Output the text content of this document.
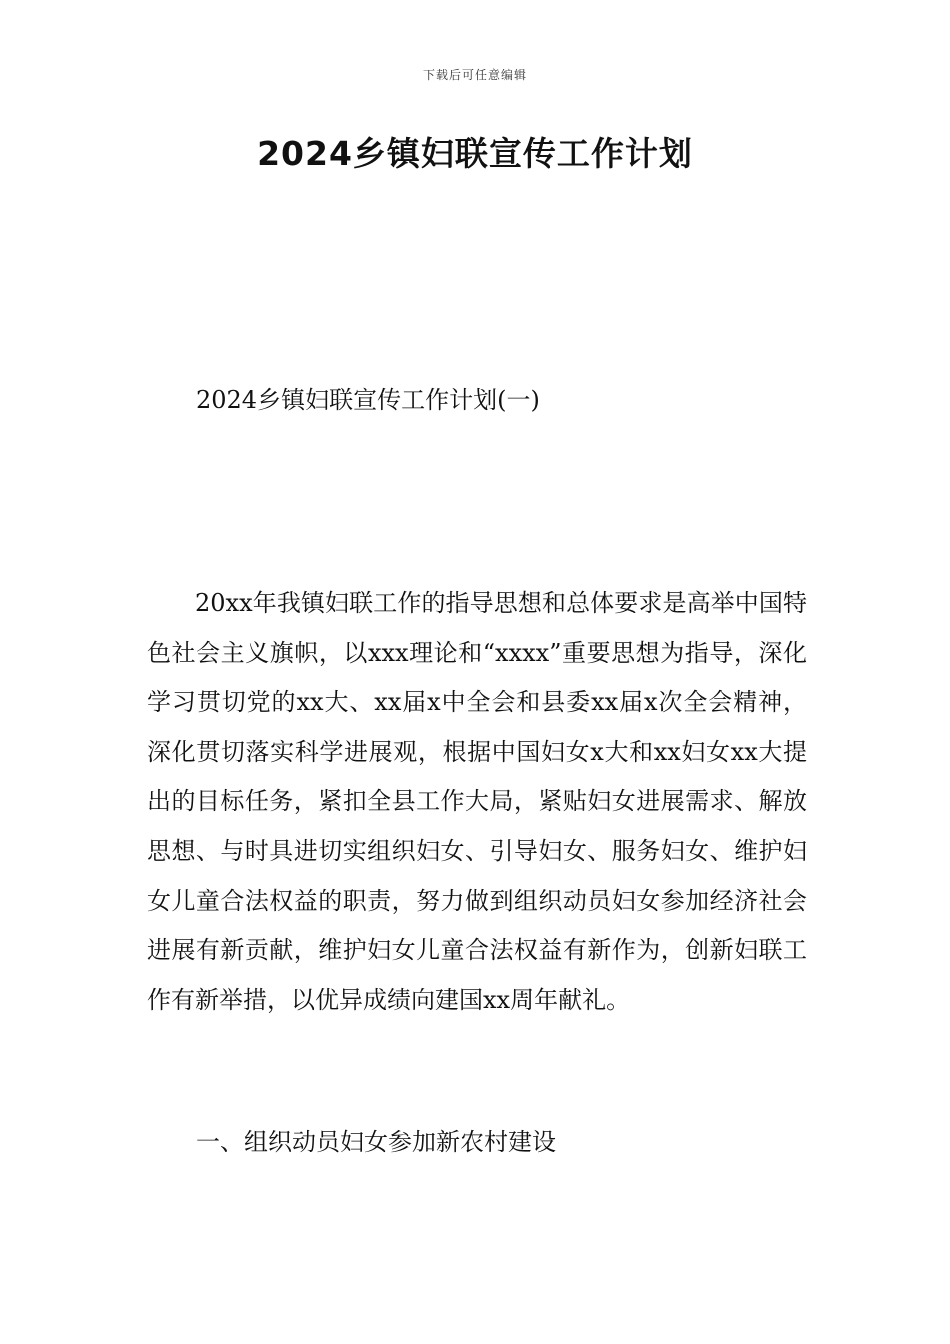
下载后可任意编辑
2024乡镇妇联宣传工作计划
2024乡镇妇联宣传工作计划(一)

20xx年我镇妇联工作的指导思想和总体要求是高举中国特色社会主义旗帜，以xxx理论和“xxxx”重要思想为指导，深化学习贯切党的xx大、xx届x中全会和县委xx届x次全会精神，深化贯切落实科学进展观，根据中国妇女x大和xx妇女xx大提出的目标任务，紧扣全县工作大局，紧贴妇女进展需求、解放思想、与时具进切实组织妇女、引导妇女、服务妇女、维护妇女儿童合法权益的职责，努力做到组织动员妇女参加经济社会进展有新贡献，维护妇女儿童合法权益有新作为，创新妇联工作有新举措，以优异成绩向建国xx周年献礼。

一、组织动员妇女参加新农村建设
